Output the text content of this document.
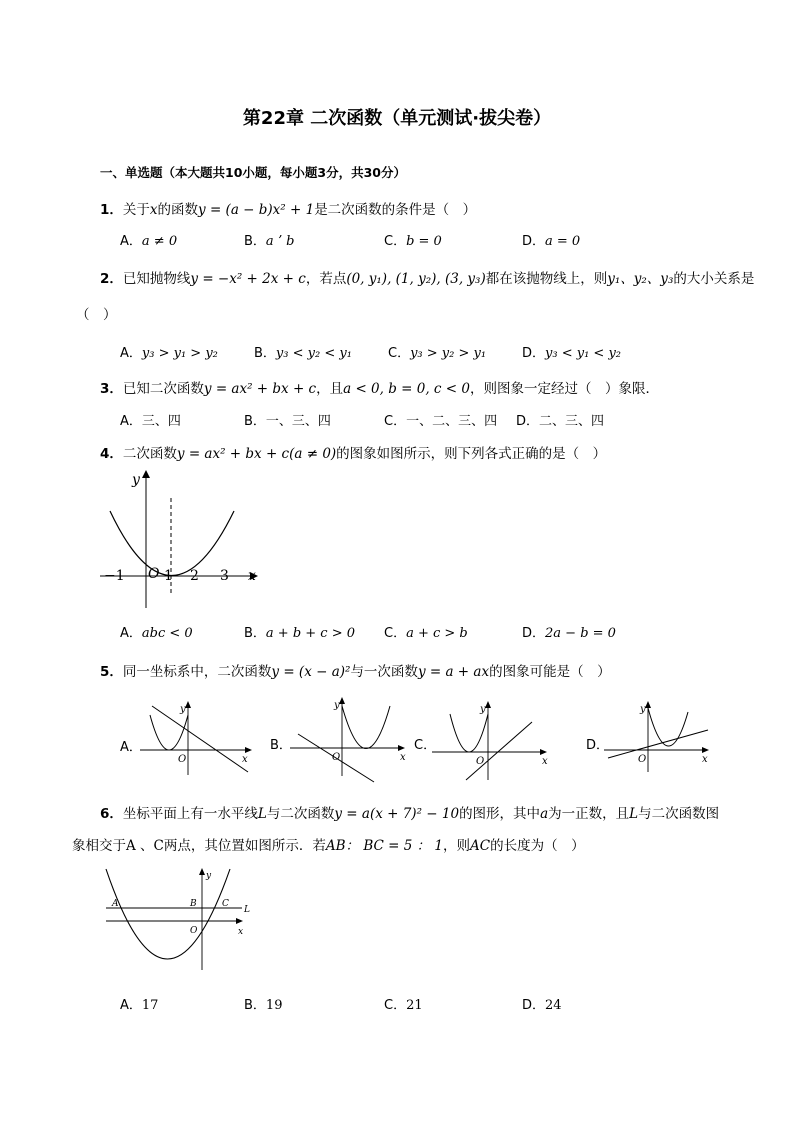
第22章 二次函数（单元测试·拔尖卷）
一、单选题（本大题共10小题，每小题3分，共30分）
1．关于x的函数y = (a − b)x² + 1是二次函数的条件是（　）
A．a ≠ 0	B．a ʼ b	C．b = 0	D．a = 0
2．已知抛物线y = −x² + 2x + c，若点(0, y₁), (1, y₂), (3, y₃)都在该抛物线上，则y₁、y₂、y₃的大小关系是
（　）
A．y₃ > y₁ > y₂	B．y₃ < y₂ < y₁	C．y₃ > y₂ > y₁	D．y₃ < y₁ < y₂
3．已知二次函数y = ax² + bx + c，且a < 0, b = 0, c < 0，则图象一定经过（　）象限．
A．三、四	B．一、三、四	C．一、二、三、四 D．二、三、四
4．二次函数y = ax² + bx + c(a ≠ 0)的图象如图所示，则下列各式正确的是（　）
y
x
O
−1	1 2 3
A．abc < 0	B．a + b + c > 0 C．a + c > b	D．2a − b = 0
5．同一坐标系中，二次函数y = (x − a)²与一次函数y = a + ax的图象可能是（　）
A．
y
x
O
B．
y
x
O
C．
y
x
O
D．
y
x
O
6．坐标平面上有一水平线L与二次函数y = a(x + 7)² − 10的图形，其中a为一正数，且L与二次函数图
象相交于A 、C两点，其位置如图所示．若AB： BC = 5 ： 1，则AC的长度为（　）
A	B	C
L
O	x
y
A．17	B．19	C．21	D．24
